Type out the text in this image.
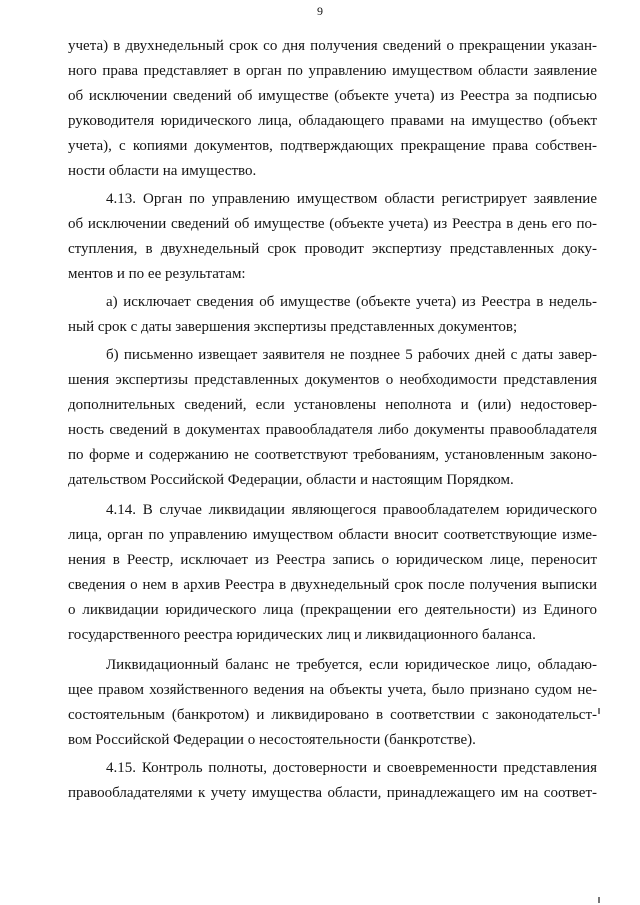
9

учета) в двухнедельный срок со дня получения сведений о прекращении указан-

ного права представляет в орган по управлению имуществом области заявление

об исключении сведений об имуществе (объекте учета) из Реестра за подписью

руководителя юридического лица, обладающего правами на имущество (объект

учета), с копиями документов, подтверждающих прекращение права собствен-

ности области на имущество.

4.13. Орган по управлению имуществом области регистрирует заявление

об исключении сведений об имуществе (объекте учета) из Реестра в день его по-

ступления, в двухнедельный срок проводит экспертизу представленных доку-

ментов и по ее результатам:

а) исключает сведения об имуществе (объекте учета) из Реестра в недель-

ный срок с даты завершения экспертизы представленных документов;

б) письменно извещает заявителя не позднее 5 рабочих дней с даты завер-

шения экспертизы представленных документов о необходимости представления

дополнительных сведений, если установлены неполнота и (или) недостовер-

ность сведений в документах правообладателя либо документы правообладателя

по форме и содержанию не соответствуют требованиям, установленным законо-

дательством Российской Федерации, области и настоящим Порядком.

4.14. В случае ликвидации являющегося правообладателем юридического

лица, орган по управлению имуществом области вносит соответствующие изме-

нения в Реестр, исключает из Реестра запись о юридическом лице, переносит

сведения о нем в архив Реестра в двухнедельный срок после получения выписки

о ликвидации юридического лица (прекращении его деятельности) из Единого

государственного реестра юридических лиц и ликвидационного баланса.

Ликвидационный баланс не требуется, если юридическое лицо, обладаю-

щее правом хозяйственного ведения на объекты учета, было признано судом не-

состоятельным (банкротом) и ликвидировано в соответствии с законодательст-

вом Российской Федерации о несостоятельности (банкротстве).

4.15. Контроль полноты, достоверности и своевременности представления

правообладателями к учету имущества области, принадлежащего им на соответ-
